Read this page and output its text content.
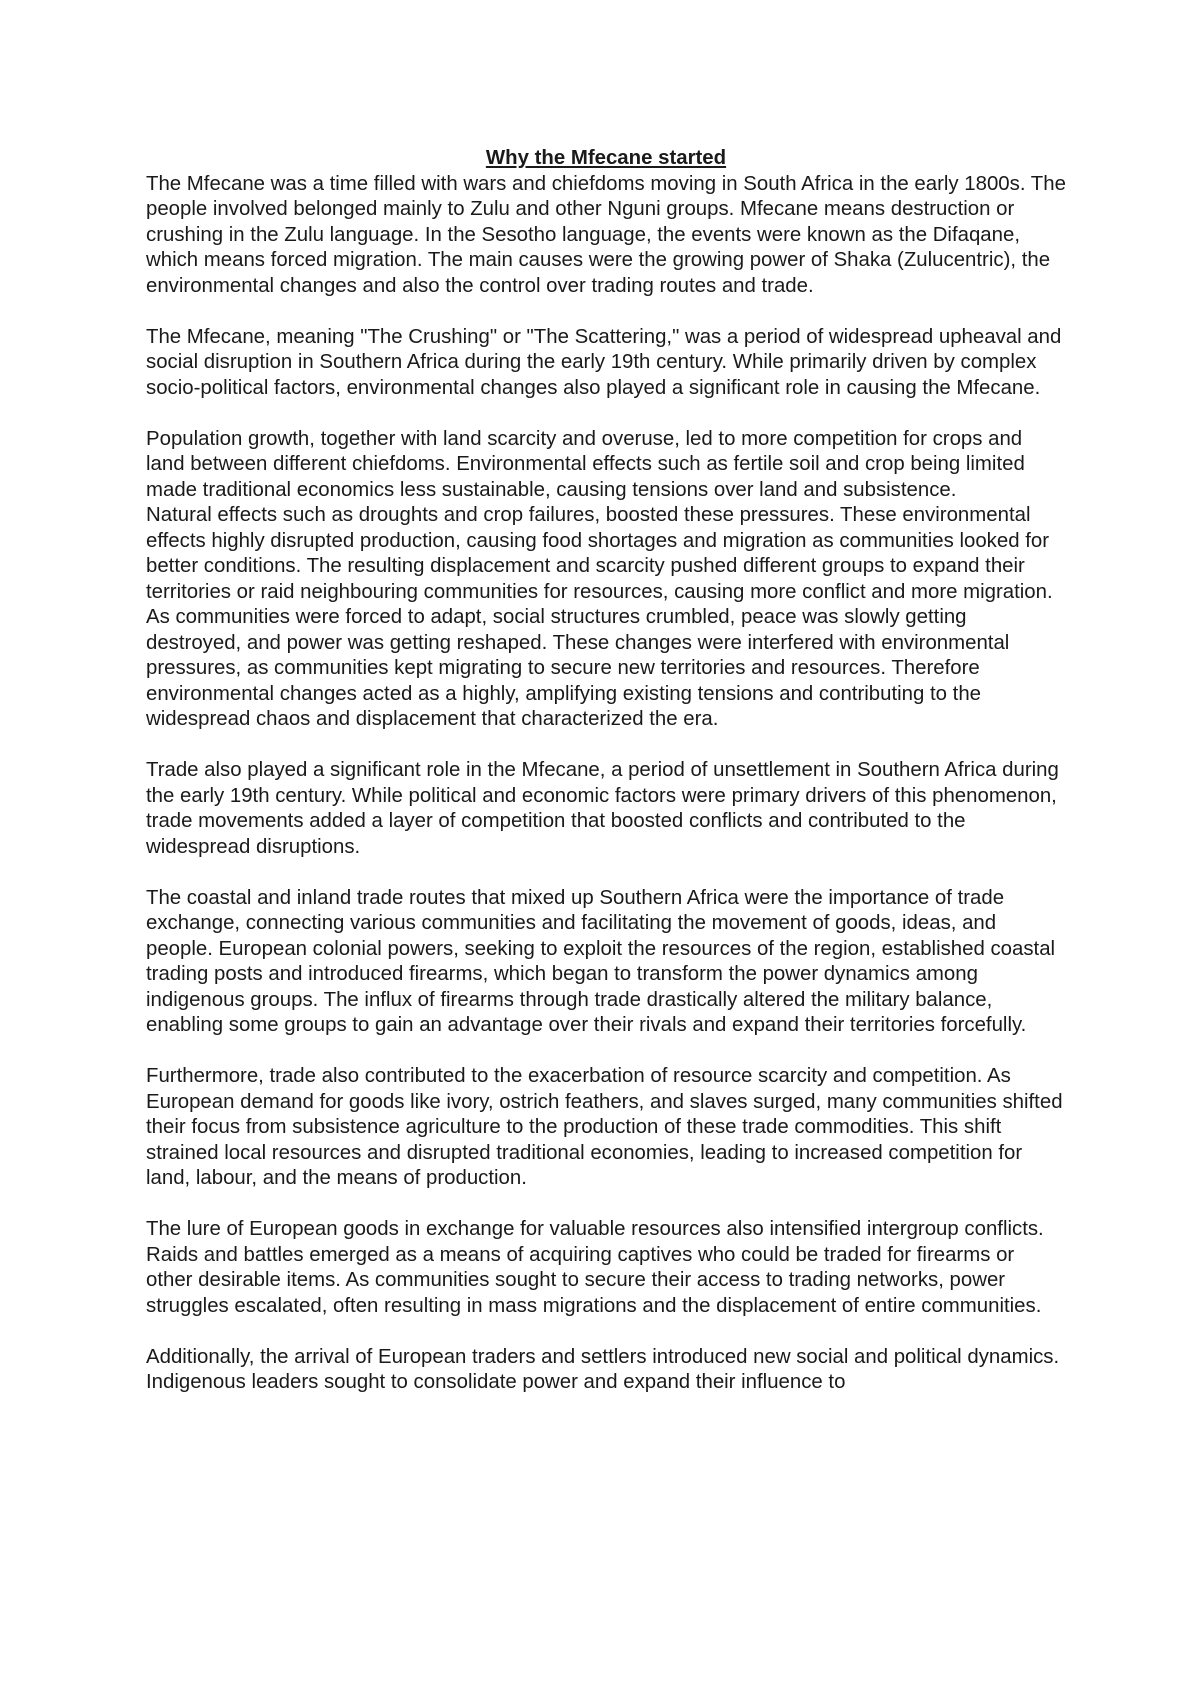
Why the Mfecane started

The Mfecane was a time filled with wars and chiefdoms moving in South Africa in the early 1800s. The people involved belonged mainly to Zulu and other Nguni groups. Mfecane means destruction or crushing in the Zulu language. In the Sesotho language, the events were known as the Difaqane, which means forced migration. The main causes were the growing power of Shaka (Zulucentric), the environmental changes and also the control over trading routes and trade.

The Mfecane, meaning "The Crushing" or "The Scattering," was a period of widespread upheaval and social disruption in Southern Africa during the early 19th century. While primarily driven by complex socio-political factors, environmental changes also played a significant role in causing the Mfecane.

Population growth, together with land scarcity and overuse, led to more competition for crops and land between different chiefdoms. Environmental effects such as fertile soil and crop being limited made traditional economics less sustainable, causing tensions over land and subsistence.

Natural effects such as droughts and crop failures, boosted these pressures. These environmental effects highly disrupted production, causing food shortages and migration as communities looked for better conditions. The resulting displacement and scarcity pushed different groups to expand their territories or raid neighbouring communities for resources, causing more conflict and more migration.

As communities were forced to adapt, social structures crumbled, peace was slowly getting destroyed, and power was getting reshaped. These changes were interfered with environmental pressures, as communities kept migrating to secure new territories and resources. Therefore environmental changes acted as a highly, amplifying existing tensions and contributing to the widespread chaos and displacement that characterized the era.

Trade also played a significant role in the Mfecane, a period of unsettlement in Southern Africa during the early 19th century. While political and economic factors were primary drivers of this phenomenon, trade movements added a layer of competition that boosted conflicts and contributed to the widespread disruptions.

The coastal and inland trade routes that mixed up Southern Africa were the importance of trade exchange, connecting various communities and facilitating the movement of goods, ideas, and people. European colonial powers, seeking to exploit the resources of the region, established coastal trading posts and introduced firearms, which began to transform the power dynamics among indigenous groups. The influx of firearms through trade drastically altered the military balance, enabling some groups to gain an advantage over their rivals and expand their territories forcefully.

Furthermore, trade also contributed to the exacerbation of resource scarcity and competition. As European demand for goods like ivory, ostrich feathers, and slaves surged, many communities shifted their focus from subsistence agriculture to the production of these trade commodities. This shift strained local resources and disrupted traditional economies, leading to increased competition for land, labour, and the means of production.

The lure of European goods in exchange for valuable resources also intensified intergroup conflicts. Raids and battles emerged as a means of acquiring captives who could be traded for firearms or other desirable items. As communities sought to secure their access to trading networks, power struggles escalated, often resulting in mass migrations and the displacement of entire communities.

Additionally, the arrival of European traders and settlers introduced new social and political dynamics. Indigenous leaders sought to consolidate power and expand their influence to
